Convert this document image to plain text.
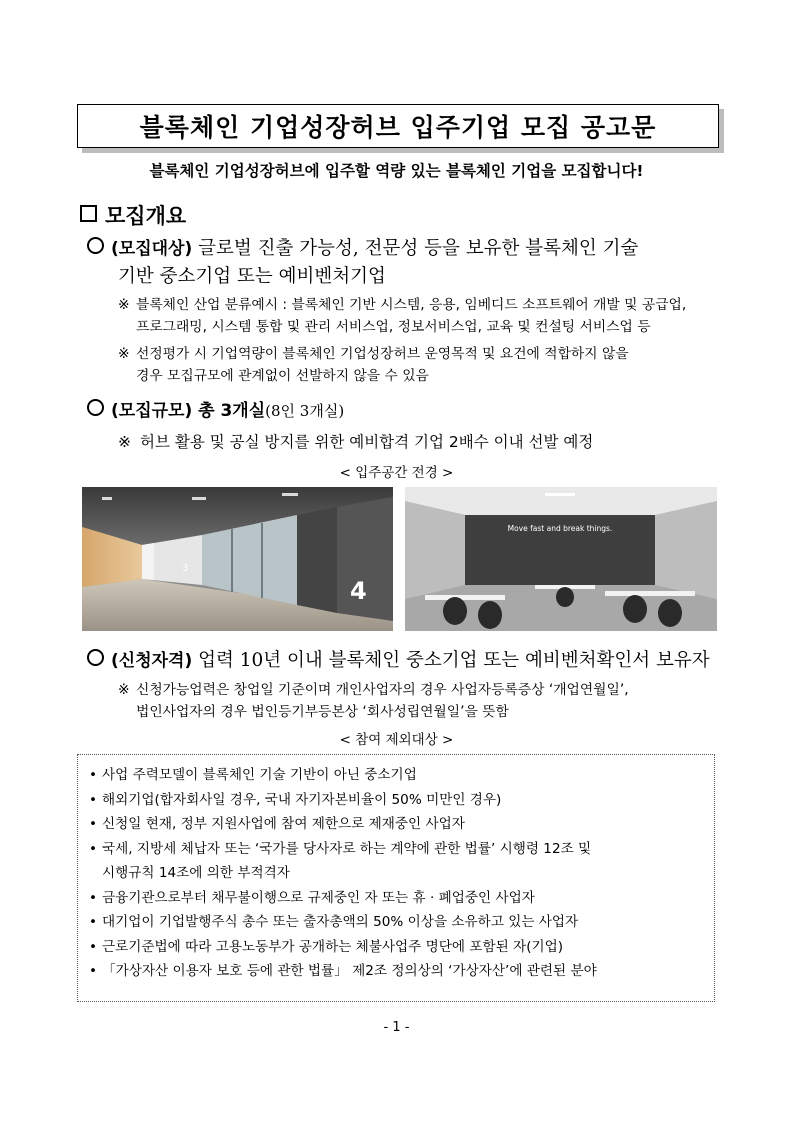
블록체인 기업성장허브 입주기업 모집 공고문
블록체인 기업성장허브에 입주할 역량 있는 블록체인 기업을 모집합니다!
모집개요
(모집대상) 글로벌 진출 가능성, 전문성 등을 보유한 블록체인 기술
기반 중소기업 또는 예비벤처기업
※ 블록체인 산업 분류예시 : 블록체인 기반 시스템, 응용, 임베디드 소프트웨어 개발 및 공급업,
프로그래밍, 시스템 통합 및 관리 서비스업, 정보서비스업, 교육 및 컨설팅 서비스업 등
※ 선정평가 시 기업역량이 블록체인 기업성장허브 운영목적 및 요건에 적합하지 않을
경우 모집규모에 관계없이 선발하지 않을 수 있음
(모집규모) 총 3개실(8인 3개실)
※ 허브 활용 및 공실 방지를 위한 예비합격 기업 2배수 이내 선발 예정
< 입주공간 전경 >
3
4
Move fast and break things.
(신청자격) 업력 10년 이내 블록체인 중소기업 또는 예비벤처확인서 보유자
※ 신청가능업력은 창업일 기준이며 개인사업자의 경우 사업자등록증상 ‘개업연월일’,
법인사업자의 경우 법인등기부등본상 ‘회사성립연월일’을 뜻함
< 참여 제외대상 >
• 사업 주력모델이 블록체인 기술 기반이 아닌 중소기업
• 해외기업(합자회사일 경우, 국내 자기자본비율이 50% 미만인 경우)
• 신청일 현재, 정부 지원사업에 참여 제한으로 제재중인 사업자
• 국세, 지방세 체납자 또는 ‘국가를 당사자로 하는 계약에 관한 법률’ 시행령 12조 및
시행규칙 14조에 의한 부적격자
• 금융기관으로부터 채무불이행으로 규제중인 자 또는 휴 · 폐업중인 사업자
• 대기업이 기업발행주식 총수 또는 출자총액의 50% 이상을 소유하고 있는 사업자
• 근로기준법에 따라 고용노동부가 공개하는 체불사업주 명단에 포함된 자(기업)
• 「가상자산 이용자 보호 등에 관한 법률」 제2조 정의상의 ‘가상자산’에 관련된 분야
- 1 -
